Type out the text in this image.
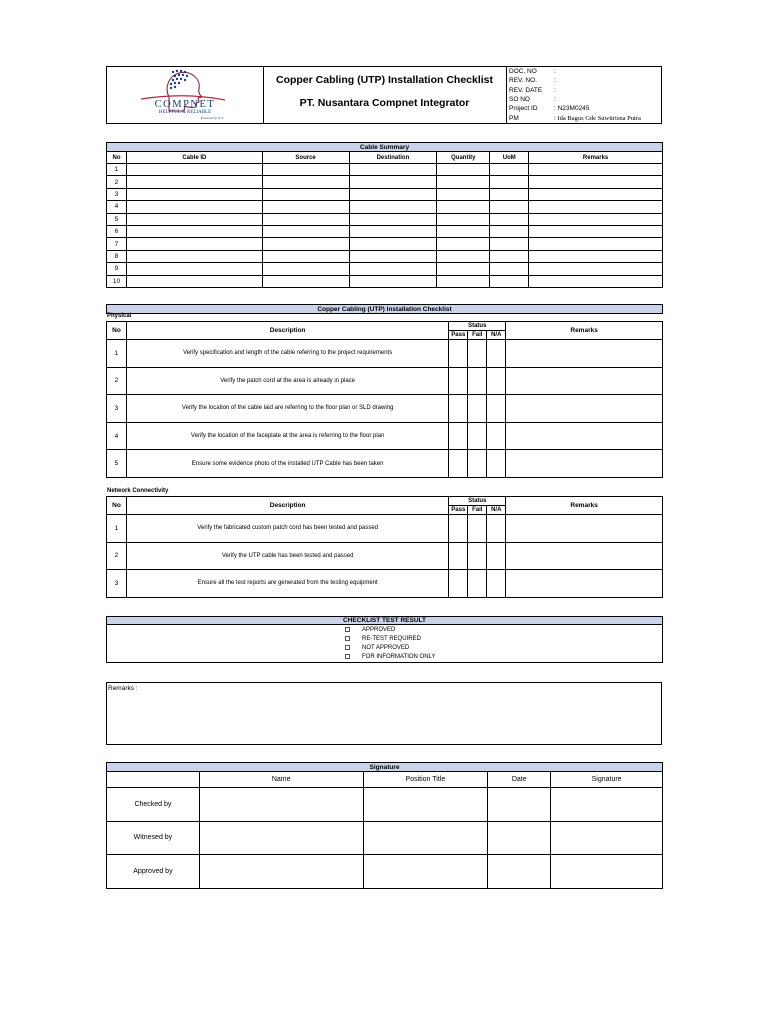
COMPNET
HELPFUL & RELIABLE
Powered by ICT
Copper Cabling (UTP) Installation Checklist
PT. Nusantara Compnet Integrator
DOC. NO	:
REV. NO.	:
REV. DATE :
SO NO	:
Project ID	: N23M0245
PM	: Ida Bagus Gde Suwitrisna Putra
Cable Summary						
No	Cable ID	Source	Destination	Quantity	UoM	Remarks
1						
2						
3						
4						
5						
6						
7						
8						
9						
10						
Copper Cabling (UTP) Installation Checklist
Physical
No	Description	Status			Remarks
		Pass	Fail	N/A	
1	Verify specification and length of the cable referring to the project requirements				
2	Verify the patch cord at the area is already in place				
3	Verify the location of the cable laid are referring to the floor plan or SLD drawing				
4	Verify the location of the faceplate at the area is referring to the floor plan				
5	Ensure some evidence photo of the installed UTP Cable has been taken				
Network Connectivity
No	Description	Status			Remarks
		Pass	Fail	N/A	
1	Verify the fabricated custom patch cord has been tested and passed				
2	Verify the UTP cable has been tested and passed				
3	Ensure all the test reports are generated from the testing equipment				
CHECKLIST TEST RESULT

APPROVED
RE-TEST REQUIRED
NOT APPROVED
FOR INFORMATION ONLY
Remarks :
Signature				
	Name	Position Title	Date	Signature
Checked by				
Witnesed by				
Approved by				
